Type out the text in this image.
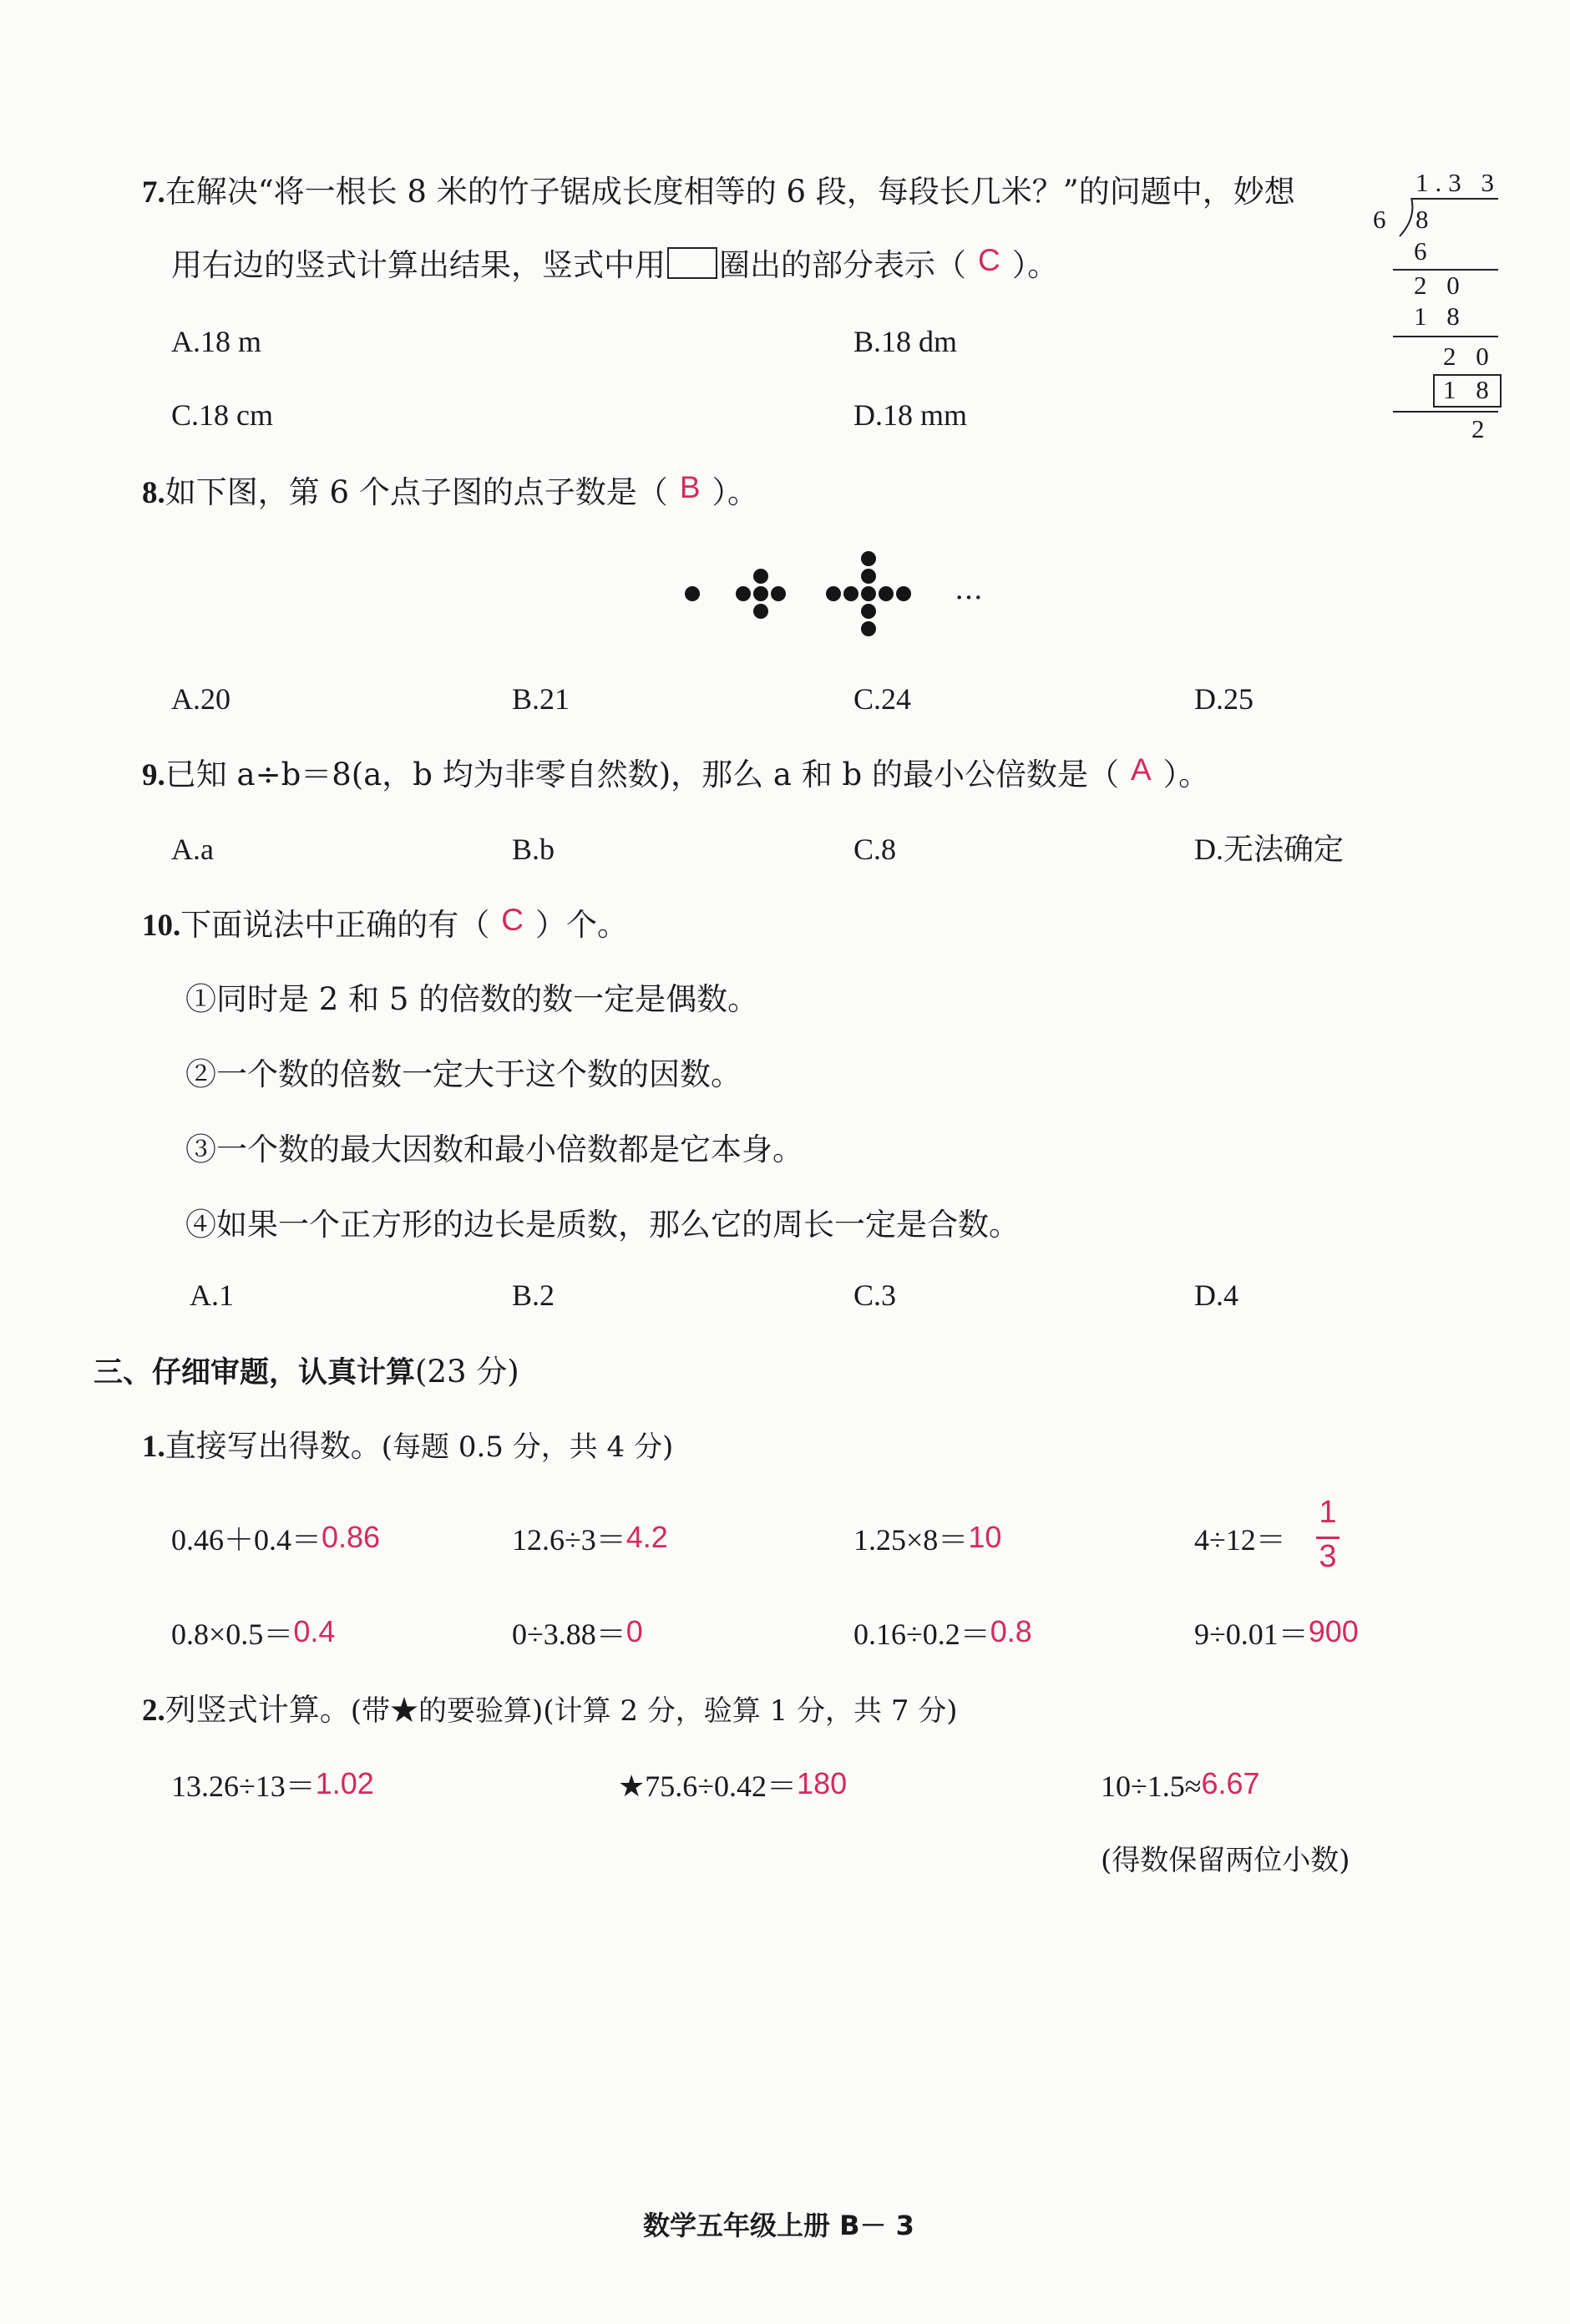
7.在解决“将一根长 8 米的竹子锯成长度相等的 6 段，每段长几米？”的问题中，妙想
用右边的竖式计算出结果，竖式中用 圈出的部分表示（ C ）。
A.18 m	B.18 dm
C.18 cm	D.18 mm
1.3 3
6 8
6
2 0
1 8
2 0
1 8
2
8.如下图，第 6 个点子图的点子数是（ B ）。
…
A.20	B.21	C.24	D.25
9.已知 a÷b＝8(a，b 均为非零自然数)，那么 a 和 b 的最小公倍数是（ A ）。
A.a	B.b	C.8	D.无法确定
10.下面说法中正确的有（ C ）个。
①同时是 2 和 5 的倍数的数一定是偶数。
②一个数的倍数一定大于这个数的因数。
③一个数的最大因数和最小倍数都是它本身。
④如果一个正方形的边长是质数，那么它的周长一定是合数。
A.1	B.2	C.3	D.4
三、仔细审题，认真计算(23 分)
1.直接写出得数。(每题 0.5 分，共 4 分)
0.46＋0.4＝0.86	12.6÷3＝4.2	1.25×8＝10	4÷12＝
1
3
0.8×0.5＝0.4	0÷3.88＝0	0.16÷0.2＝0.8	9÷0.01＝900
2.列竖式计算。(带★的要验算)(计算 2 分，验算 1 分，共 7 分)
13.26÷13＝1.02	★75.6÷0.42＝180	10÷1.5≈6.67
(得数保留两位小数)
数学五年级上册 B－ 3
